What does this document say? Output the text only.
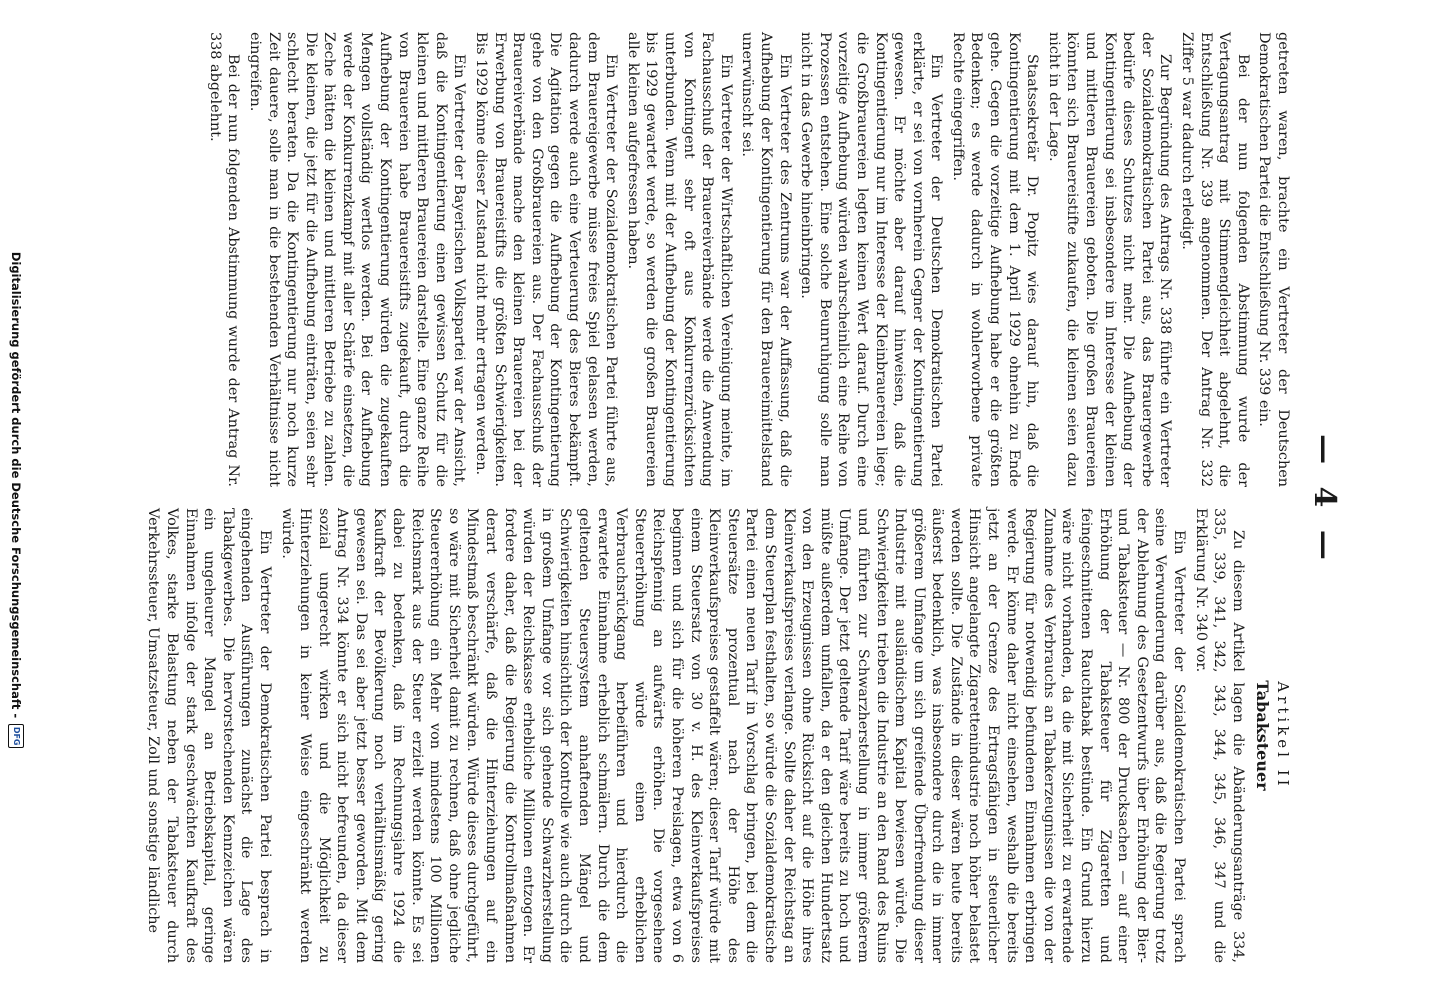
— 4 —

getreten waren, brachte ein Vertreter der Deutschen Demokratischen Partei die Entschließung Nr. 339 ein.

Bei der nun folgenden Abstimmung wurde der Vertagungsantrag mit Stimmengleichheit abgelehnt, die Entschließung Nr. 339 angenommen. Der Antrag Nr. 332 Ziffer 5 war dadurch erledigt.

Zur Begründung des Antrags Nr. 338 führte ein Vertreter der Sozialdemokratischen Partei aus, das Brauergewerbe bedürfe dieses Schutzes nicht mehr. Die Aufhebung der Kontingentierung sei insbesondere im Interesse der kleinen und mittleren Brauereien geboten. Die großen Brauereien könnten sich Brauereistifte zukaufen, die kleinen seien dazu nicht in der Lage.

Staatssekretär Dr. Popitz wies darauf hin, daß die Kontingentierung mit dem 1. April 1929 ohnehin zu Ende gehe. Gegen die vorzeitige Aufhebung habe er die größten Bedenken; es werde dadurch in wohlerworbene private Rechte eingegriffen.

Ein Vertreter der Deutschen Demokratischen Partei erklärte, er sei von vornherein Gegner der Kontingentierung gewesen. Er möchte aber darauf hinweisen, daß die Kontingentierung nur im Interesse der Kleinbrauereien liege; die Großbrauereien legten keinen Wert darauf. Durch eine vorzeitige Aufhebung würden wahrscheinlich eine Reihe von Prozessen entstehen. Eine solche Beunruhigung solle man nicht in das Gewerbe hineinbringen.

Ein Vertreter des Zentrums war der Auffassung, daß die Aufhebung der Kontingentierung für den Brauereimittelstand unerwünscht sei.

Ein Vertreter der Wirtschaftlichen Vereinigung meinte, im Fachausschuß der Brauereiverbände werde die Anwendung von Kontingent sehr oft aus Konkurrenzrücksichten unterbunden. Wenn mit der Aufhebung der Kontingentierung bis 1929 gewartet werde, so werden die großen Brauereien alle kleinen aufgefressen haben.

Ein Vertreter der Sozialdemokratischen Partei führte aus, dem Brauereigewerbe müsse freies Spiel gelassen werden, dadurch werde auch eine Verteuerung des Bieres bekämpft. Die Agitation gegen die Aufhebung der Kontingentierung gehe von den Großbrauereien aus. Der Fachausschuß der Brauereiverbände mache den kleinen Brauereien bei der Erwerbung von Brauereistifts die größten Schwierigkeiten. Bis 1929 könne dieser Zustand nicht mehr ertragen werden.

Ein Vertreter der Bayerischen Volkspartei war der Ansicht, daß die Kontingentierung einen gewissen Schutz für die kleinen und mittleren Brauereien darstelle. Eine ganze Reihe von Brauereien habe Brauereistifts zugekauft, durch die Aufhebung der Kontingentierung würden die zugekauften Mengen vollständig wertlos werden. Bei der Aufhebung werde der Konkurrenzkampf mit aller Schärfe einsetzen, die Zeche hätten die kleinen und mittleren Betriebe zu zahlen. Die kleinen, die jetzt für die Aufhebung einträten, seien sehr schlecht beraten. Da die Kontingentierung nur noch kurze Zeit dauere, solle man in die bestehenden Verhältnisse nicht eingreifen.

Bei der nun folgenden Abstimmung wurde der Antrag Nr. 338 abgelehnt.

Artikel II
Tabaksteuer

Zu diesem Artikel lagen die Abänderungsanträge 334, 335, 339, 341, 342, 343, 344, 345, 346, 347 und die Erklärung Nr. 340 vor.

Ein Vertreter der Sozialdemokratischen Partei sprach seine Verwunderung darüber aus, daß die Regierung trotz der Ablehnung des Gesetzentwurfs über Erhöhung der Bier- und Tabaksteuer — Nr. 800 der Drucksachen — auf einer Erhöhung der Tabaksteuer für Zigaretten und feingeschnittenen Rauchtabak bestünde. Ein Grund hierzu wäre nicht vorhanden, da die mit Sicherheit zu erwartende Zunahme des Verbrauchs an Tabakerzeugnissen die von der Regierung für notwendig befundenen Einnahmen erbringen werde. Er könne daher nicht einsehen, weshalb die bereits jetzt an der Grenze des Ertragsfähigen in steuerlicher Hinsicht angelangte Zigarettenindustrie noch höher belastet werden sollte. Die Zustände in dieser wären heute bereits äußerst bedenklich, was insbesondere durch die in immer größerem Umfange um sich greifende Überfremdung dieser Industrie mit ausländischem Kapital bewiesen würde. Die Schwierigkeiten trieben die Industrie an den Rand des Ruins und führten zur Schwarzherstellung in immer größerem Umfange. Der jetzt geltende Tarif wäre bereits zu hoch und müßte außerdem umfallen, da er den gleichen Hundertsatz von den Erzeugnissen ohne Rücksicht auf die Höhe ihres Kleinverkaufspreises verlange. Sollte daher der Reichstag an dem Steuerplan festhalten, so würde die Sozialdemokratische Partei einen neuen Tarif in Vorschlag bringen, bei dem die Steuersätze prozentual nach der Höhe des Kleinverkaufspreises gestaffelt wären; dieser Tarif würde mit einem Steuersatz von 30 v. H. des Kleinverkaufspreises beginnen und sich für die höheren Preislagen, etwa von 6 Reichspfennig an aufwärts erhöhen. Die vorgesehene Steuererhöhung würde einen erheblichen Verbrauchsrückgang herbeiführen und hierdurch die erwartete Einnahme erheblich schmälern. Durch die dem geltenden Steuersystem anhaftenden Mängel und Schwierigkeiten hinsichtlich der Kontrolle wie auch durch die in großem Umfange vor sich gehende Schwarzherstellung würden der Reichskasse erhebliche Millionen entzogen. Er fordere daher, daß die Regierung die Kontrollmaßnahmen derart verschärfe, daß die Hinterziehungen auf ein Mindestmaß beschränkt würden. Würde dieses durchgeführt, so wäre mit Sicherheit damit zu rechnen, daß ohne jegliche Steuererhöhung ein Mehr von mindestens 100 Millionen Reichsmark aus der Steuer erzielt werden könnte. Es sei dabei zu bedenken, daß im Rechnungsjahre 1924 die Kaufkraft der Bevölkerung noch verhältnismäßig gering gewesen sei. Das sei aber jetzt besser geworden. Mit dem Antrag Nr. 334 könnte er sich nicht befreunden, da dieser sozial ungerecht wirken und die Möglichkeit zu Hinterziehungen in keiner Weise eingeschränkt werden würde.

Ein Vertreter der Demokratischen Partei besprach in eingehenden Ausführungen zunächst die Lage des Tabakgewerbes. Die hervorstechenden Kennzeichen wären ein ungeheurer Mangel an Betriebskapital, geringe Einnahmen infolge der stark geschwächten Kaufkraft des Volkes, starke Belastung neben der Tabaksteuer durch Verkehrssteuer, Umsatzsteuer, Zoll und sonstige ländliche

Digitalisierung gefördert durch die Deutsche Forschungsgemeinschaft -
DFG
